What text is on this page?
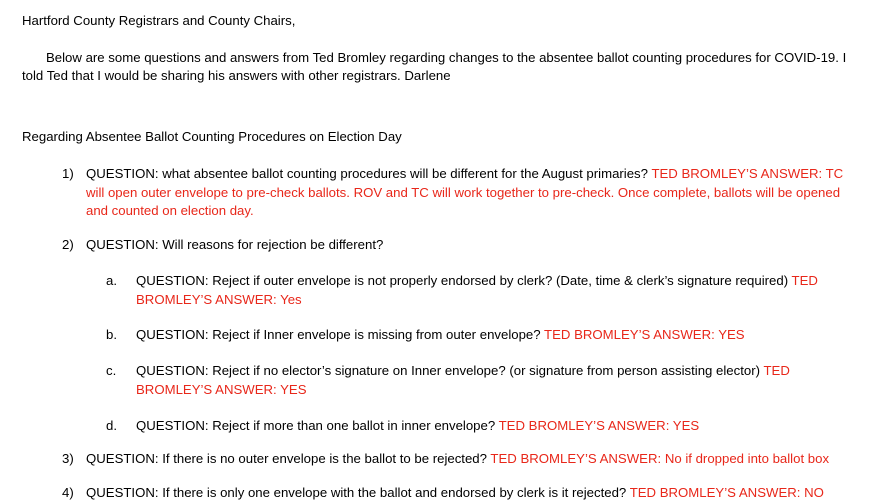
Hartford County Registrars and County Chairs,

Below are some questions and answers from Ted Bromley regarding changes to the absentee ballot counting procedures for COVID-19. I told Ted that I would be sharing his answers with other registrars. Darlene

Regarding Absentee Ballot Counting Procedures on Election Day

1) QUESTION: what absentee ballot counting procedures will be different for the August primaries? TED BROMLEY’S ANSWER: TC will open outer envelope to pre-check ballots. ROV and TC will work together to pre-check. Once complete, ballots will be opened and counted on election day.
2) QUESTION: Will reasons for rejection be different?
a.	QUESTION: Reject if outer envelope is not properly endorsed by clerk? (Date, time & clerk’s signature required) TED BROMLEY’S ANSWER: Yes
b.	QUESTION: Reject if Inner envelope is missing from outer envelope? TED BROMLEY’S ANSWER: YES
c.	QUESTION: Reject if no elector’s signature on Inner envelope? (or signature from person assisting elector) TED BROMLEY’S ANSWER: YES
d.	QUESTION: Reject if more than one ballot in inner envelope? TED BROMLEY’S ANSWER: YES
3) QUESTION: If there is no outer envelope is the ballot to be rejected? TED BROMLEY’S ANSWER: No if dropped into ballot box
4) QUESTION: If there is only one envelope with the ballot and endorsed by clerk is it rejected? TED BROMLEY’S ANSWER: NO
